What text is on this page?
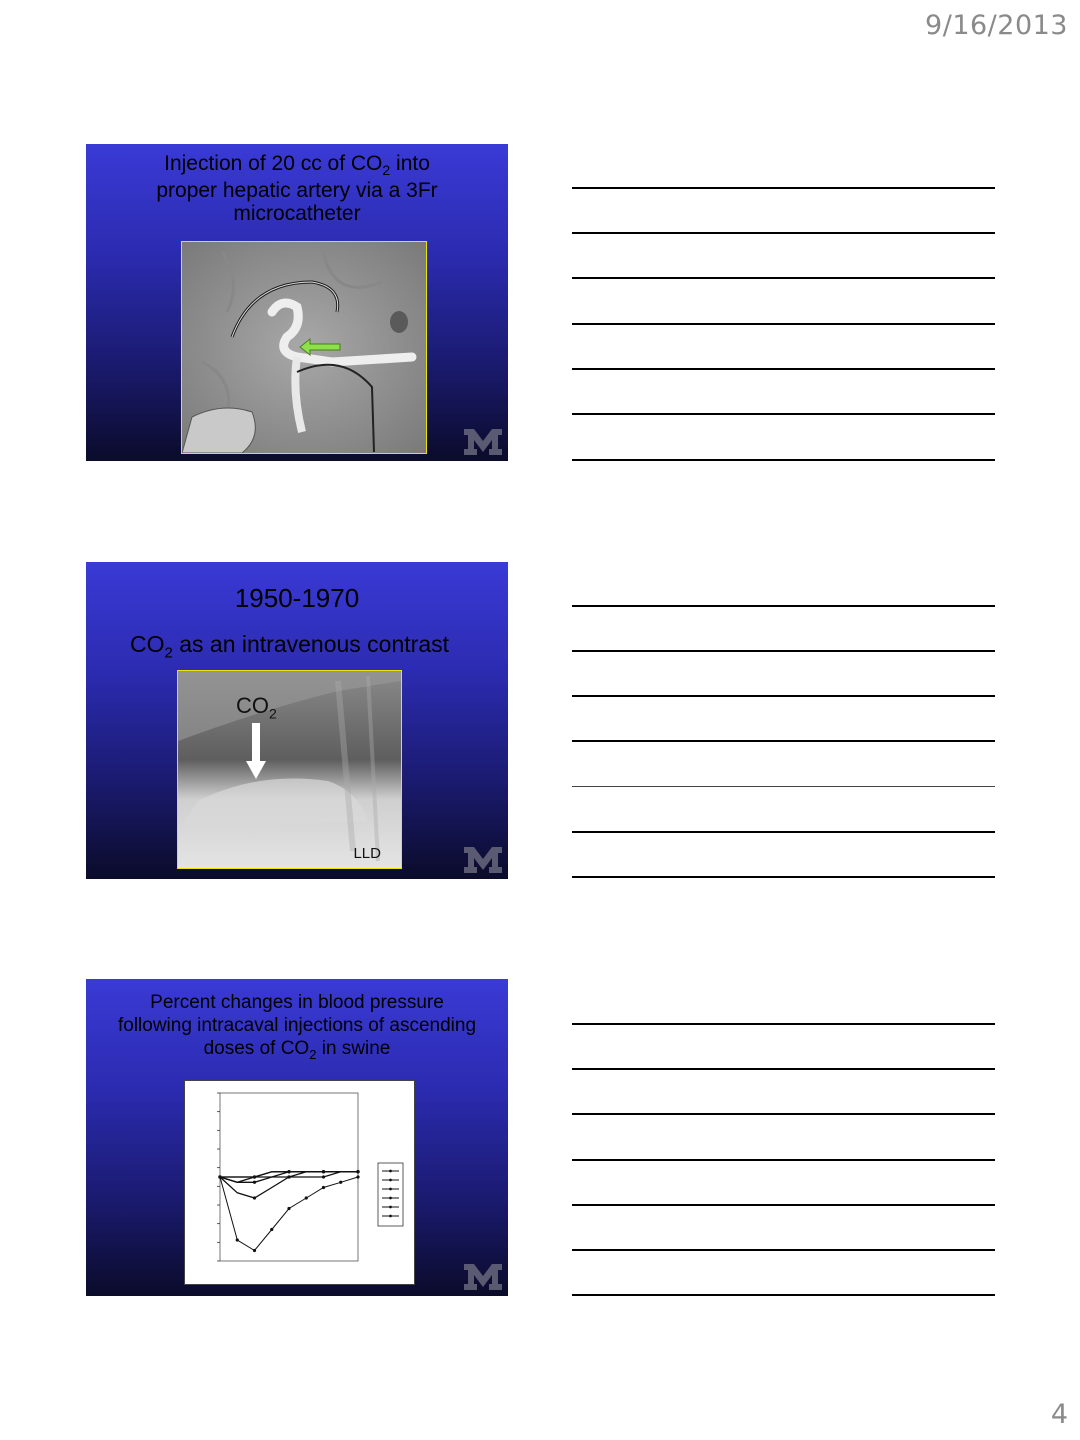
9/16/2013
Injection of 20 cc of $CO_2$ into
proper hepatic artery via a 3Fr
microcatheter
1950-1970
$CO_2$ as an intravenous contrast
$CO_2$
LLD
Percent changes in blood pressure
following intracaval injections of ascending
doses of $CO_2$ in swine
4
